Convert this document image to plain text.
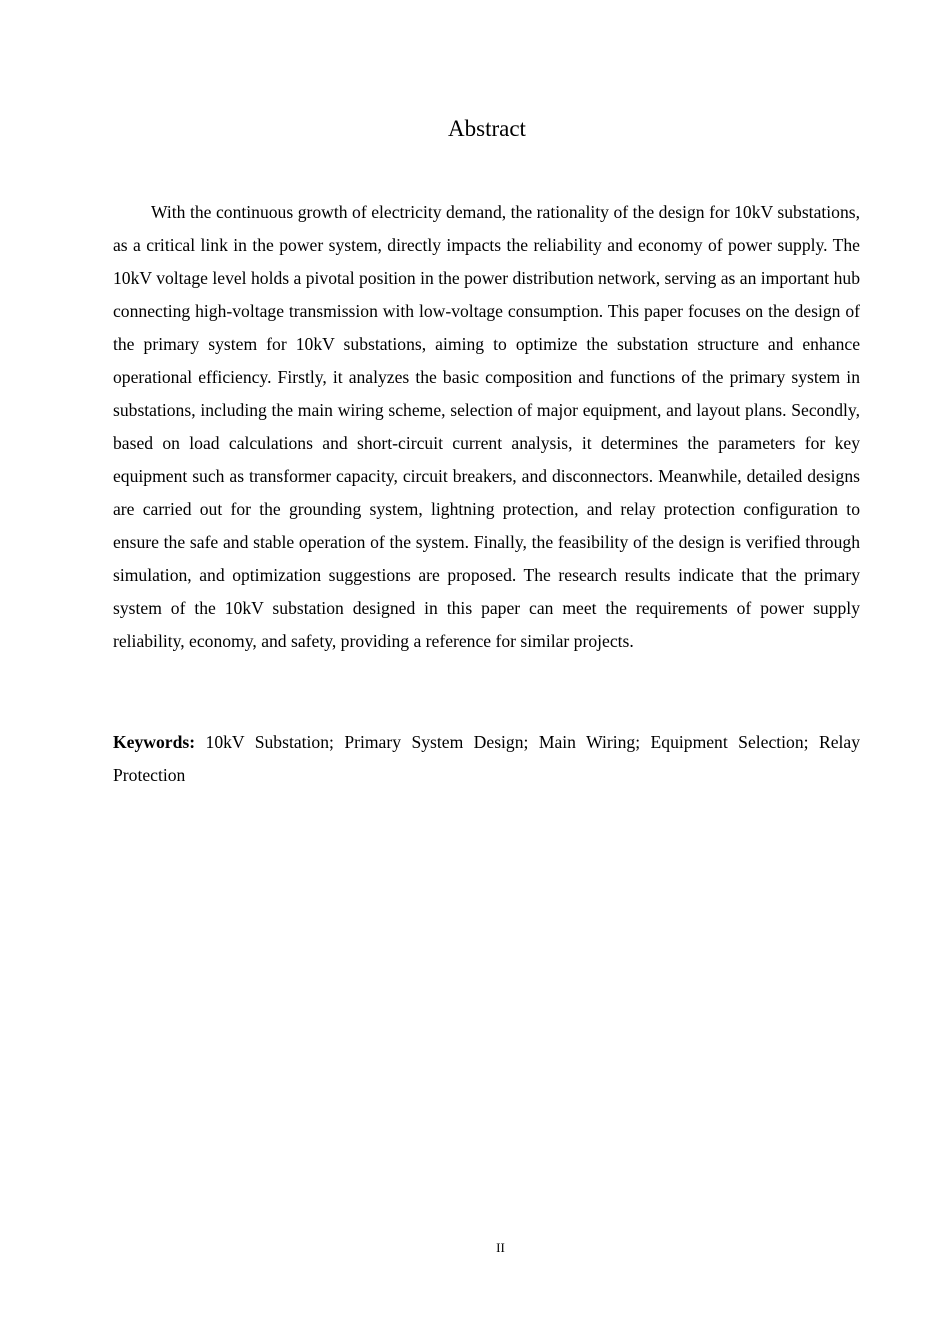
Abstract

With the continuous growth of electricity demand, the rationality of the design for 10kV substations, as a critical link in the power system, directly impacts the reliability and economy of power supply. The 10kV voltage level holds a pivotal position in the power distribution network, serving as an important hub connecting high-voltage transmission with low-voltage consumption. This paper focuses on the design of the primary system for 10kV substations, aiming to optimize the substation structure and enhance operational efficiency. Firstly, it analyzes the basic composition and functions of the primary system in substations, including the main wiring scheme, selection of major equipment, and layout plans. Secondly, based on load calculations and short-circuit current analysis, it determines the parameters for key equipment such as transformer capacity, circuit breakers, and disconnectors. Meanwhile, detailed designs are carried out for the grounding system, lightning protection, and relay protection configuration to ensure the safe and stable operation of the system. Finally, the feasibility of the design is verified through simulation, and optimization suggestions are proposed. The research results indicate that the primary system of the 10kV substation designed in this paper can meet the requirements of power supply reliability, economy, and safety, providing a reference for similar projects.

Keywords: 10kV Substation; Primary System Design; Main Wiring; Equipment Selection; Relay Protection

II
